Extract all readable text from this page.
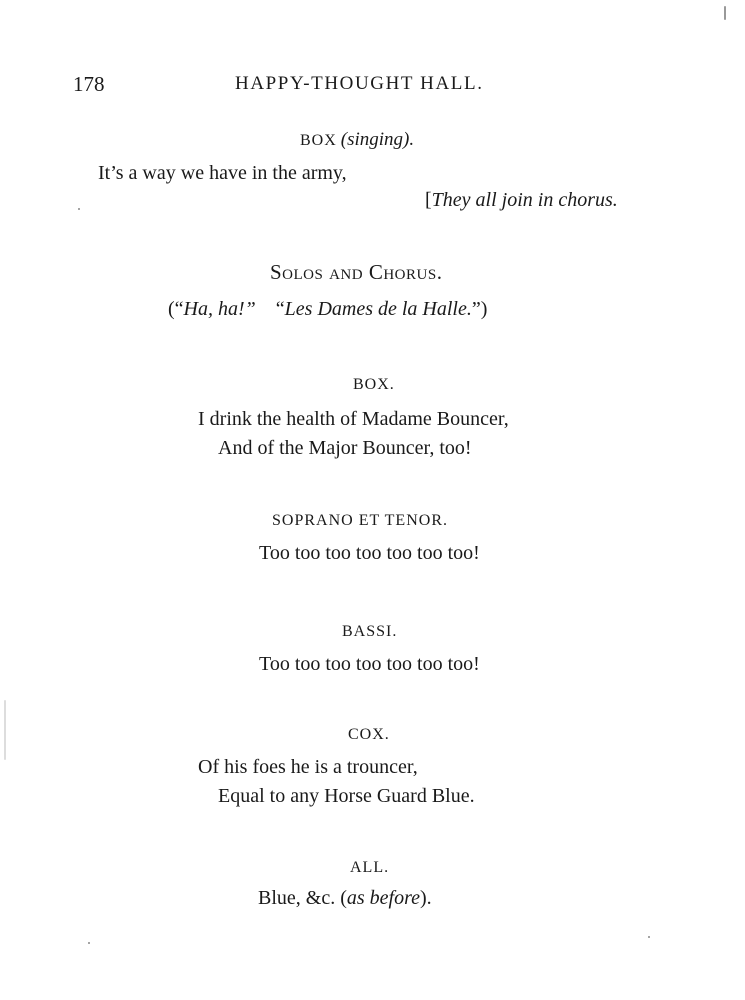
178	HAPPY-THOUGHT HALL.
BOX (singing).
It’s a way we have in the army,
[They all join in chorus.
Solos and Chorus.
(“Ha, ha!” “Les Dames de la Halle.”)
BOX.
I drink the health of Madame Bouncer,
And of the Major Bouncer, too!
SOPRANO ET TENOR.
Too too too too too too too!
BASSI.
Too too too too too too too!
COX.
Of his foes he is a trouncer,
Equal to any Horse Guard Blue.
ALL.
Blue, &c. (as before).
